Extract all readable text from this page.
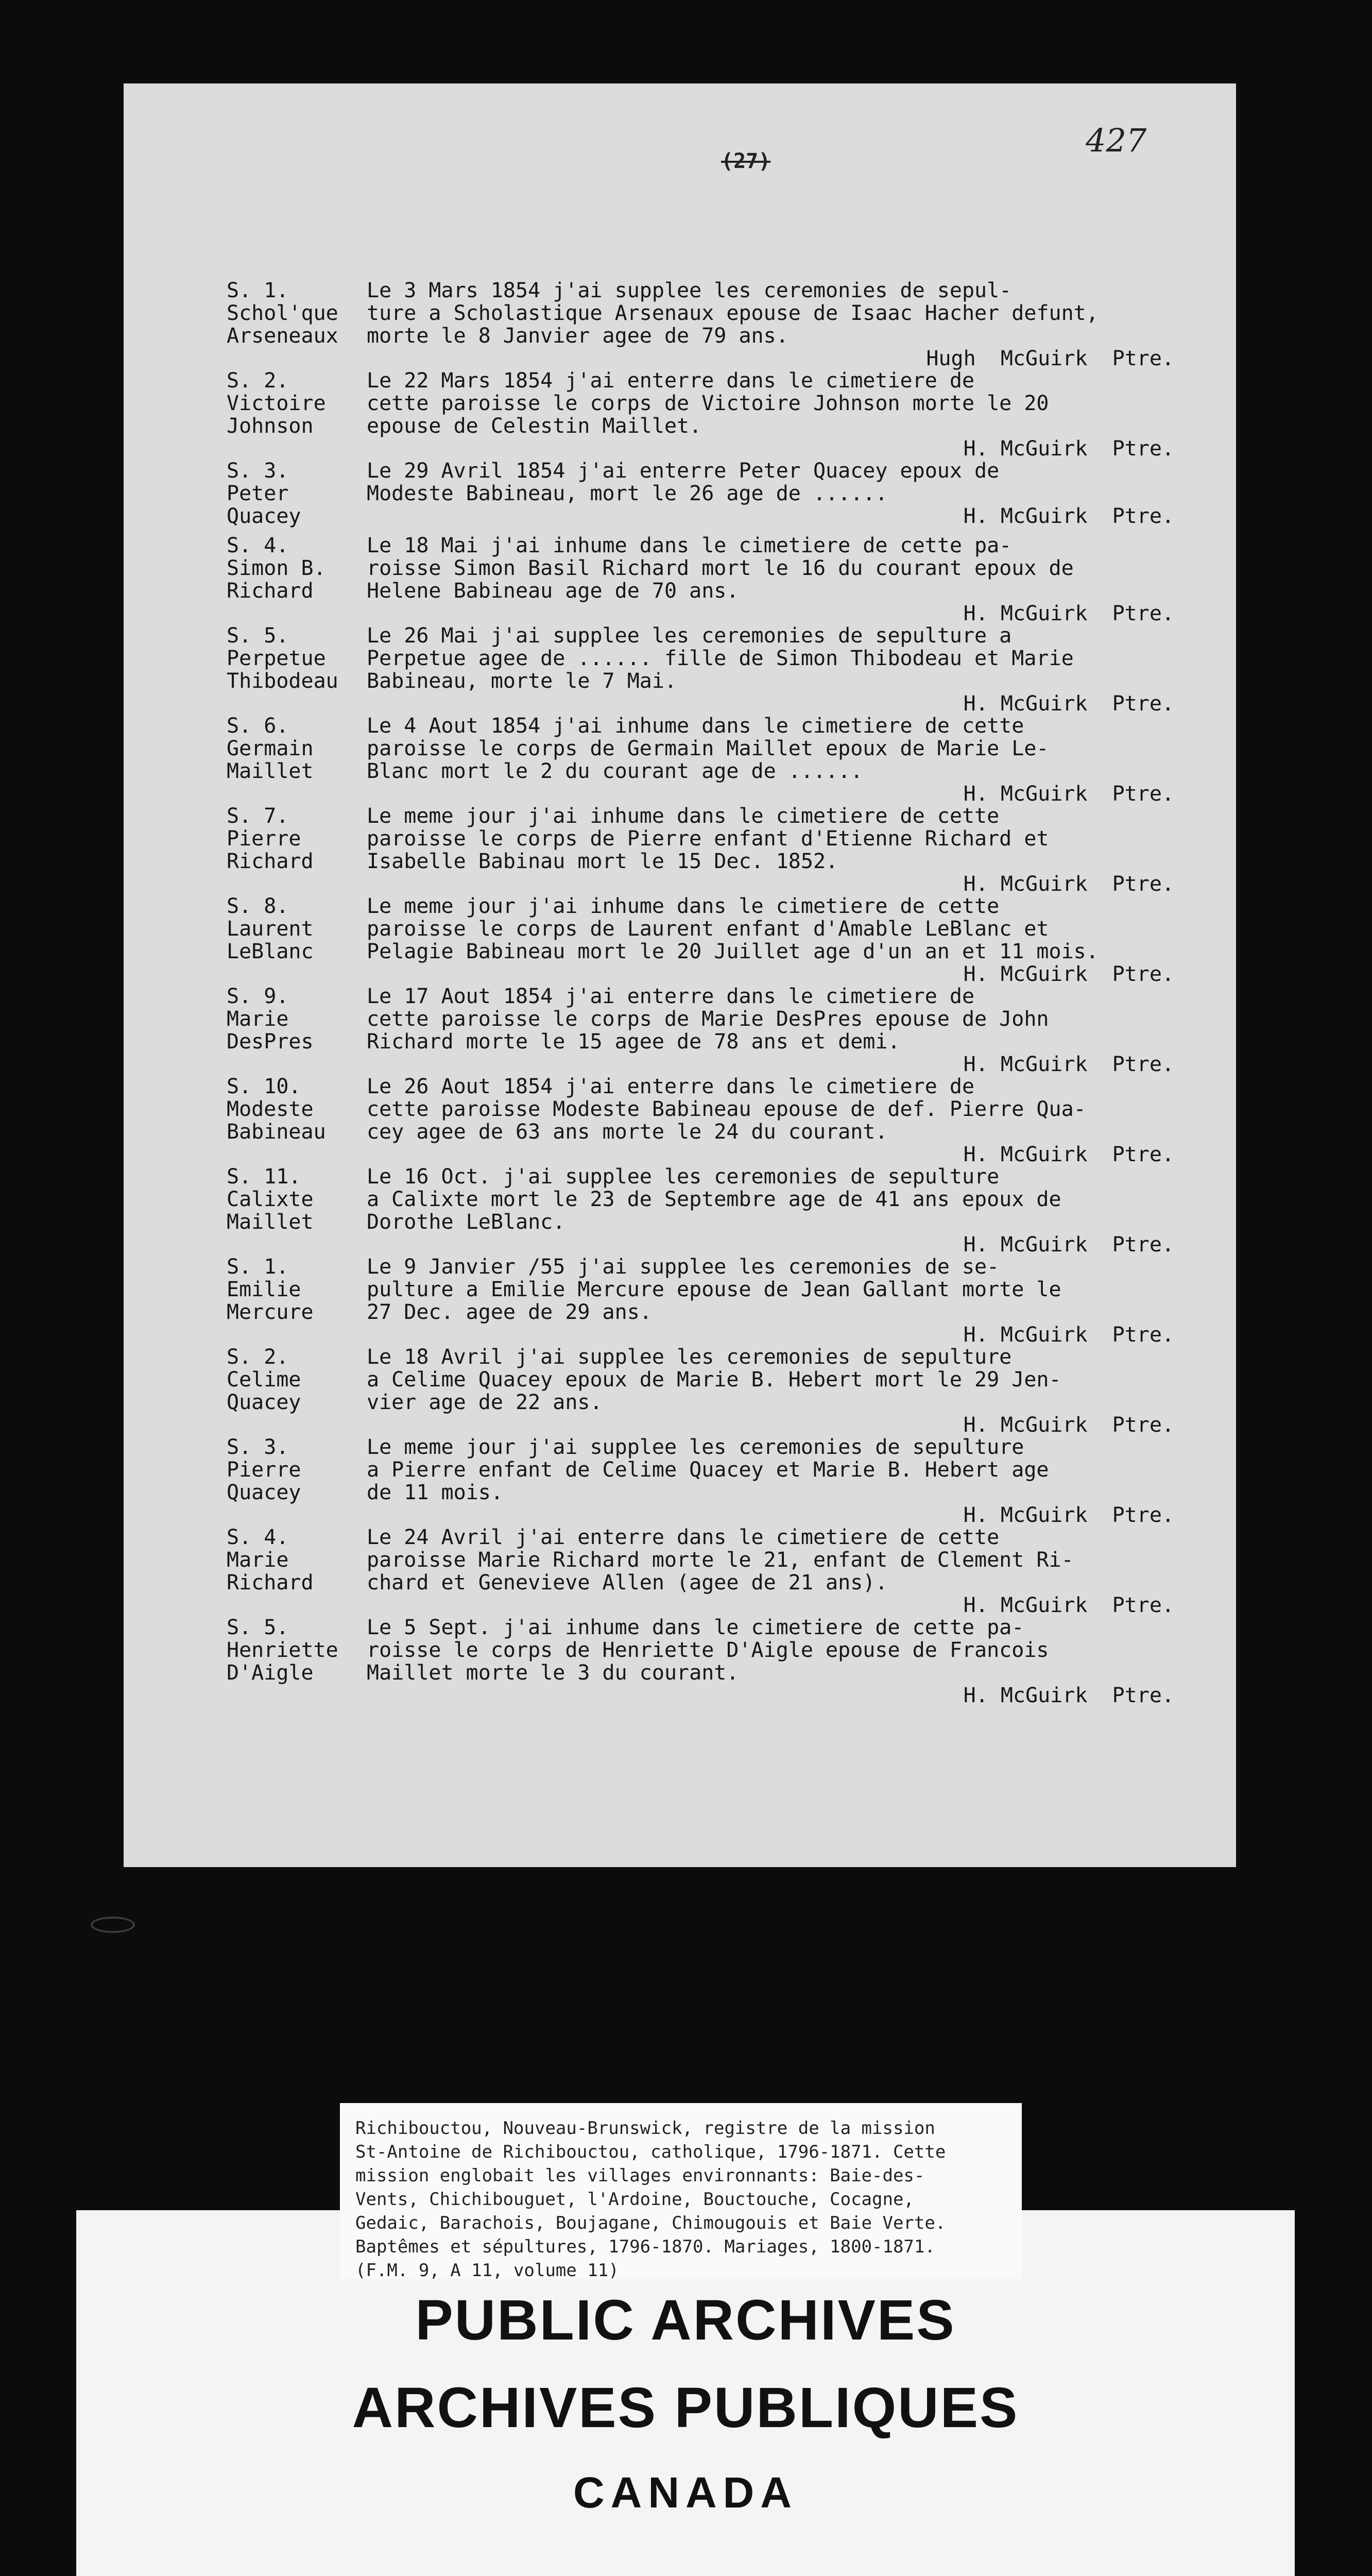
427
(27)
S. 1.
Schol'que
Arseneaux
Le 3 Mars 1854 j'ai supplee les ceremonies de sepul-
ture a Scholastique Arsenaux epouse de Isaac Hacher defunt,
morte le 8 Janvier agee de 79 ans.
Hugh  McGuirk  Ptre.
S. 2.
Victoire
Johnson
Le 22 Mars 1854 j'ai enterre dans le cimetiere de
cette paroisse le corps de Victoire Johnson morte le 20
epouse de Celestin Maillet.
H. McGuirk  Ptre.
S. 3.
Peter
Quacey
Le 29 Avril 1854 j'ai enterre Peter Quacey epoux de
Modeste Babineau, mort le 26 age de ......
H. McGuirk  Ptre.
S. 4.
Simon B.
Richard
Le 18 Mai j'ai inhume dans le cimetiere de cette pa-
roisse Simon Basil Richard mort le 16 du courant epoux de
Helene Babineau age de 70 ans.
H. McGuirk  Ptre.
S. 5.
Perpetue
Thibodeau
Le 26 Mai j'ai supplee les ceremonies de sepulture a
Perpetue agee de ...... fille de Simon Thibodeau et Marie
Babineau, morte le 7 Mai.
H. McGuirk  Ptre.
S. 6.
Germain
Maillet
Le 4 Aout 1854 j'ai inhume dans le cimetiere de cette
paroisse le corps de Germain Maillet epoux de Marie Le-
Blanc mort le 2 du courant age de ......
H. McGuirk  Ptre.
S. 7.
Pierre
Richard
Le meme jour j'ai inhume dans le cimetiere de cette
paroisse le corps de Pierre enfant d'Etienne Richard et
Isabelle Babinau mort le 15 Dec. 1852.
H. McGuirk  Ptre.
S. 8.
Laurent
LeBlanc
Le meme jour j'ai inhume dans le cimetiere de cette
paroisse le corps de Laurent enfant d'Amable LeBlanc et
Pelagie Babineau mort le 20 Juillet age d'un an et 11 mois.
H. McGuirk  Ptre.
S. 9.
Marie
DesPres
Le 17 Aout 1854 j'ai enterre dans le cimetiere de
cette paroisse le corps de Marie DesPres epouse de John
Richard morte le 15 agee de 78 ans et demi.
H. McGuirk  Ptre.
S. 10.
Modeste
Babineau
Le 26 Aout 1854 j'ai enterre dans le cimetiere de
cette paroisse Modeste Babineau epouse de def. Pierre Qua-
cey agee de 63 ans morte le 24 du courant.
H. McGuirk  Ptre.
S. 11.
Calixte
Maillet
Le 16 Oct. j'ai supplee les ceremonies de sepulture
a Calixte mort le 23 de Septembre age de 41 ans epoux de
Dorothe LeBlanc.
H. McGuirk  Ptre.
S. 1.
Emilie
Mercure
Le 9 Janvier /55 j'ai supplee les ceremonies de se-
pulture a Emilie Mercure epouse de Jean Gallant morte le
27 Dec. agee de 29 ans.
H. McGuirk  Ptre.
S. 2.
Celime
Quacey
Le 18 Avril j'ai supplee les ceremonies de sepulture
a Celime Quacey epoux de Marie B. Hebert mort le 29 Jen-
vier age de 22 ans.
H. McGuirk  Ptre.
S. 3.
Pierre
Quacey
Le meme jour j'ai supplee les ceremonies de sepulture
a Pierre enfant de Celime Quacey et Marie B. Hebert age
de 11 mois.
H. McGuirk  Ptre.
S. 4.
Marie
Richard
Le 24 Avril j'ai enterre dans le cimetiere de cette
paroisse Marie Richard morte le 21, enfant de Clement Ri-
chard et Genevieve Allen (agee de 21 ans).
H. McGuirk  Ptre.
S. 5.
Henriette
D'Aigle
Le 5 Sept. j'ai inhume dans le cimetiere de cette pa-
roisse le corps de Henriette D'Aigle epouse de Francois
Maillet morte le 3 du courant.
H. McGuirk  Ptre.
PUBLIC ARCHIVES
ARCHIVES PUBLIQUES
CANADA
Richibouctou, Nouveau-Brunswick, registre de la mission
St-Antoine de Richibouctou, catholique, 1796-1871. Cette
mission englobait les villages environnants: Baie-des-
Vents, Chichibouguet, l'Ardoine, Bouctouche, Cocagne,
Gedaic, Barachois, Boujagane, Chimougouis et Baie Verte.
Baptêmes et sépultures, 1796-1870. Mariages, 1800-1871.
(F.M. 9, A 11, volume 11)
